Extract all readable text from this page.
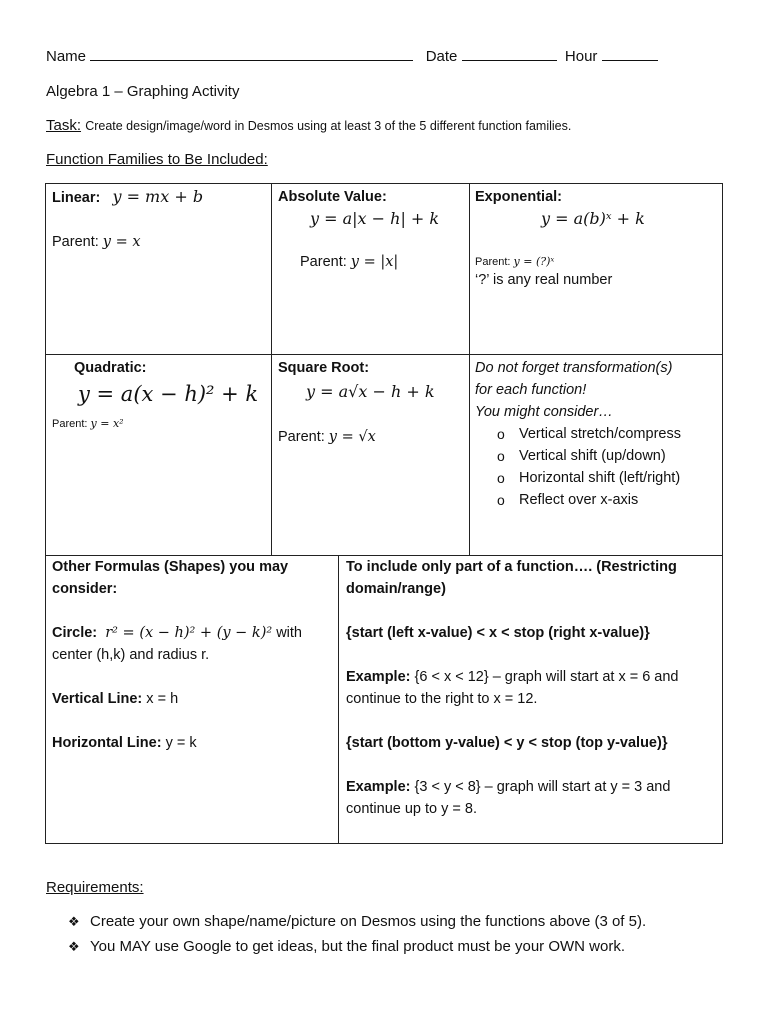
Name	Date	Hour
Algebra 1 – Graphing Activity
Task: Create design/image/word in Desmos using at least 3 of the 5 different function families.
Function Families to Be Included:
Linear: y = mx + b
Parent: y = x
Absolute Value:
y = a|x − h| + k
Parent: y = |x|
Exponential:
y = a(b)ˣ + k
Parent: y = (?)ˣ
‘?’ is any real number
Quadratic:
y = a(x − h)² + k
Parent: y = x²
Square Root:
y = a√x − h + k
Parent: y = √x
Do not forget transformation(s)
for each function!
You might consider…
o Vertical stretch/compress
o Vertical shift (up/down)
o Horizontal shift (left/right)
o Reflect over x-axis
Other Formulas (Shapes) you may consider:
Circle: r² = (x − h)² + (y − k)² with center (h,k) and radius r.
Vertical Line: x = h
Horizontal Line: y = k
To include only part of a function…. (Restricting domain/range)
{start (left x-value) < x < stop (right x-value)}
Example: {6 < x < 12} – graph will start at x = 6 and continue to the right to x = 12.
{start (bottom y-value) < y < stop (top y-value)}
Example: {3 < y < 8} – graph will start at y = 3 and continue up to y = 8.
Requirements:
❖ Create your own shape/name/picture on Desmos using the functions above (3 of 5).
❖ You MAY use Google to get ideas, but the final product must be your OWN work.
